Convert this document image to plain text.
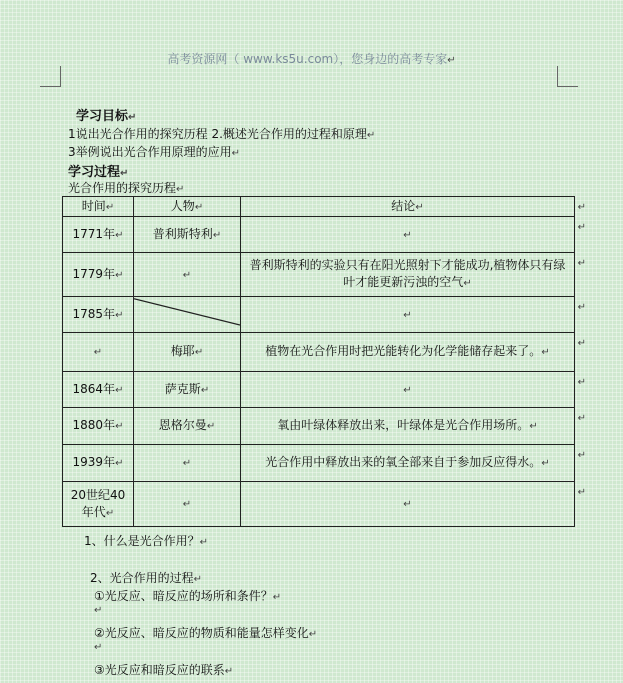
高考资源网（ www.ks5u.com），您身边的高考专家↵
学习目标↵
1说出光合作用的探究历程 2.概述光合作用的过程和原理↵
3举例说出光合作用原理的应用↵
学习过程↵
光合作用的探究历程↵
时间↵	人物↵	结论↵ ↵

1771年↵	普利斯特利↵	↵
↵

1779年↵	↵	普利斯特利的实验只有在阳光照射下才能成功,植物体只有绿叶才能更新污浊的空气↵
↵

1785年↵		↵
↵

↵	梅耶↵	植物在光合作用时把光能转化为化学能储存起来了。↵
↵

1864年↵	萨克斯↵	↵
↵

1880年↵	恩格尔曼↵	氧由叶绿体释放出来，叶绿体是光合作用场所。↵
↵

1939年↵	↵	光合作用中释放出来的氧全部来自于参加反应得水。↵
↵

20世纪40年代↵	↵	↵
↵
1、什么是光合作用？↵
2、光合作用的过程↵
①光反应、暗反应的场所和条件？↵
↵
②光反应、暗反应的物质和能量怎样变化↵
↵
③光反应和暗反应的联系↵
